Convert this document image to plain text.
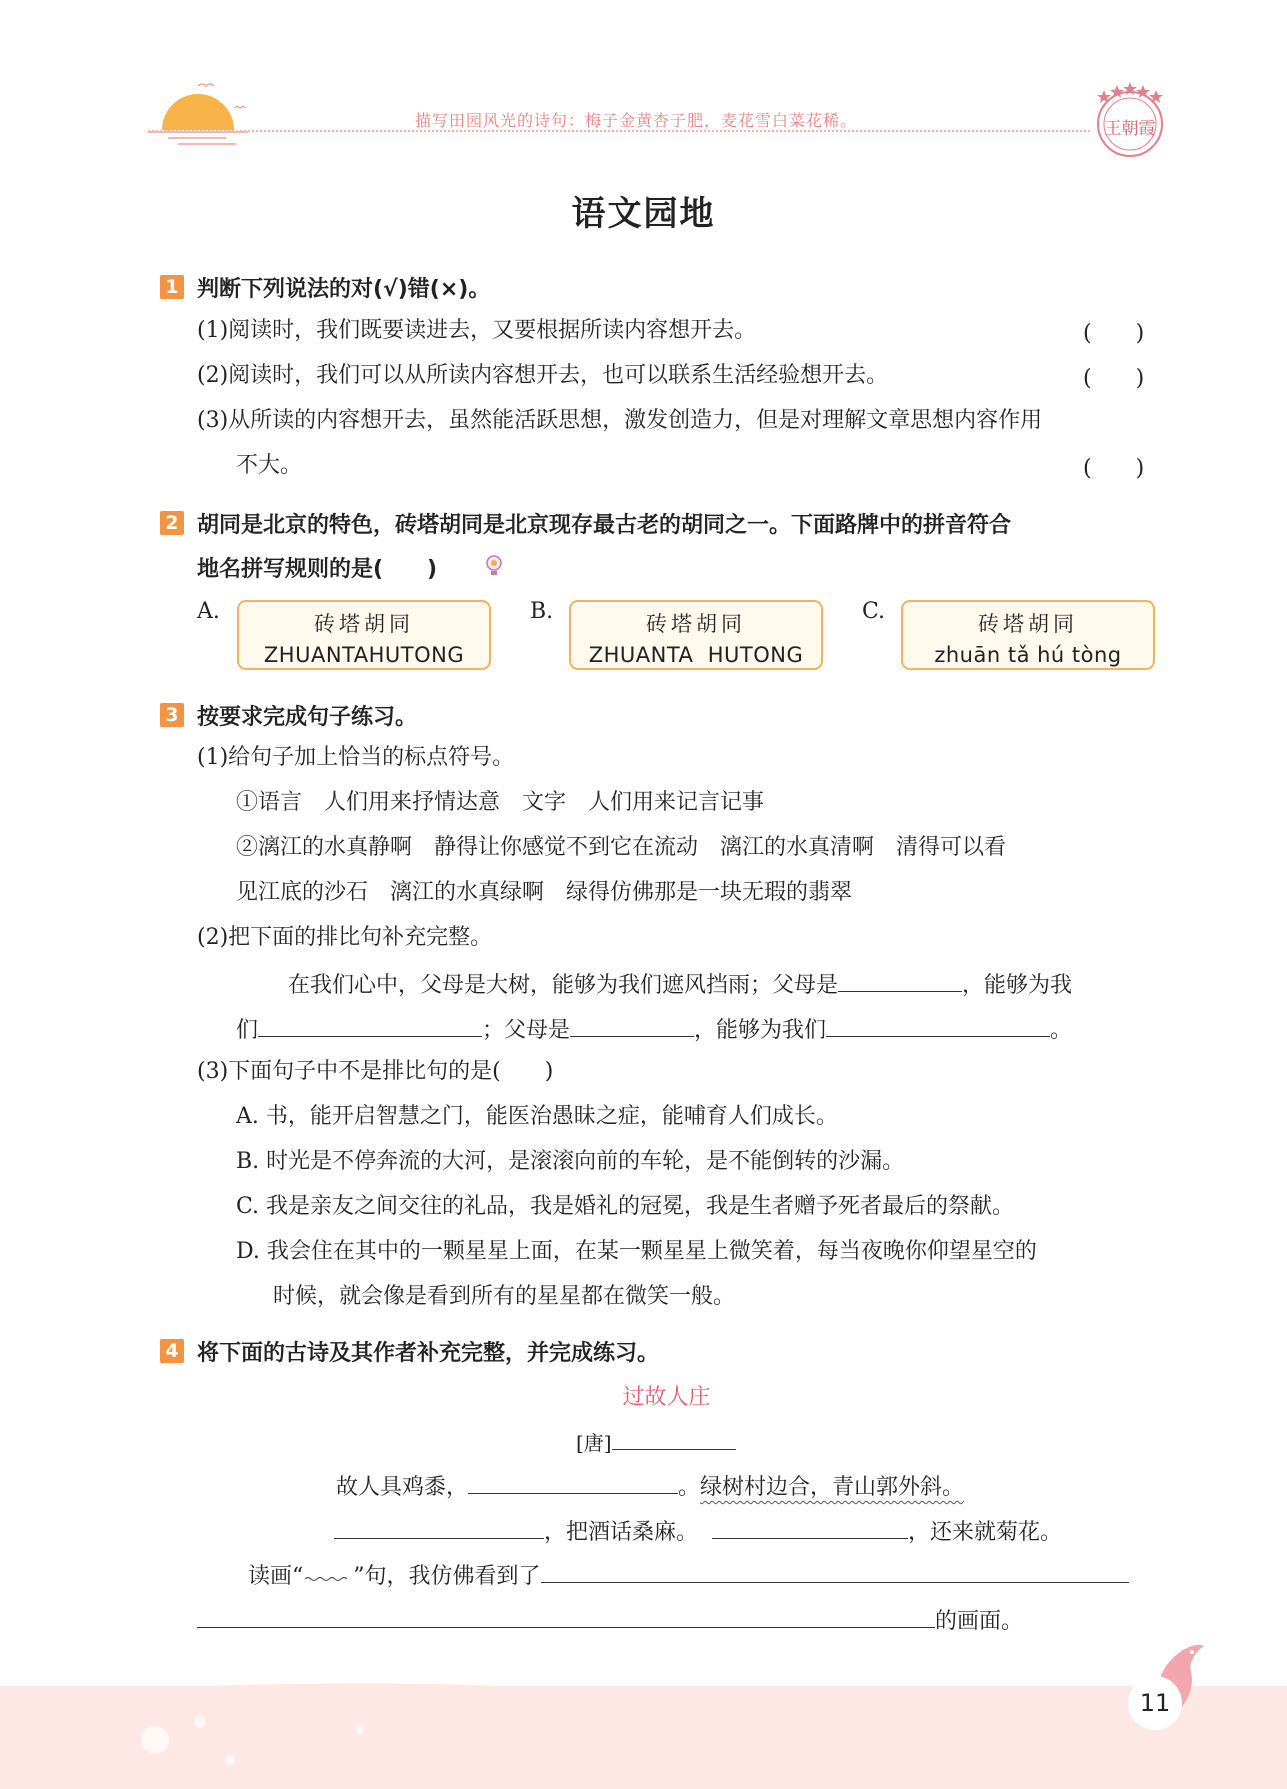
描写田园风光的诗句：梅子金黄杏子肥，麦花雪白菜花稀。	王朝霞
语文园地
1 判断下列说法的对(√)错(×)。
(1)阅读时，我们既要读进去，又要根据所读内容想开去。	(　　)
(2)阅读时，我们可以从所读内容想开去，也可以联系生活经验想开去。	(　　)
(3)从所读的内容想开去，虽然能活跃思想，激发创造力，但是对理解文章思想内容作用
不大。	(　　)
2 胡同是北京的特色，砖塔胡同是北京现存最古老的胡同之一。下面路牌中的拼音符合
地名拼写规则的是(　　)
A.	砖塔胡同
ZHUANTAHUTONG
B.	砖塔胡同
ZHUANTA  HUTONG
C.	砖塔胡同
zhuān tǎ hú tòng
3 按要求完成句子练习。
(1)给句子加上恰当的标点符号。
①语言　人们用来抒情达意　文字　人们用来记言记事
②漓江的水真静啊　静得让你感觉不到它在流动　漓江的水真清啊　清得可以看
见江底的沙石　漓江的水真绿啊　绿得仿佛那是一块无瑕的翡翠
(2)把下面的排比句补充完整。
在我们心中，父母是大树，能够为我们遮风挡雨；父母是	，能够为我
们	；父母是	，能够为我们	。
(3)下面句子中不是排比句的是(　　)
A. 书，能开启智慧之门，能医治愚昧之症，能哺育人们成长。
B. 时光是不停奔流的大河，是滚滚向前的车轮，是不能倒转的沙漏。
C. 我是亲友之间交往的礼品，我是婚礼的冠冕，我是生者赠予死者最后的祭献。
D. 我会住在其中的一颗星星上面，在某一颗星星上微笑着，每当夜晚你仰望星空的
时候，就会像是看到所有的星星都在微笑一般。
4 将下面的古诗及其作者补充完整，并完成练习。
过故人庄
[唐]
故人具鸡黍，	。绿树村边合，青山郭外斜。
，把酒话桑麻。	，还来就菊花。
读画“ ”句，我仿佛看到了
的画面。
11
